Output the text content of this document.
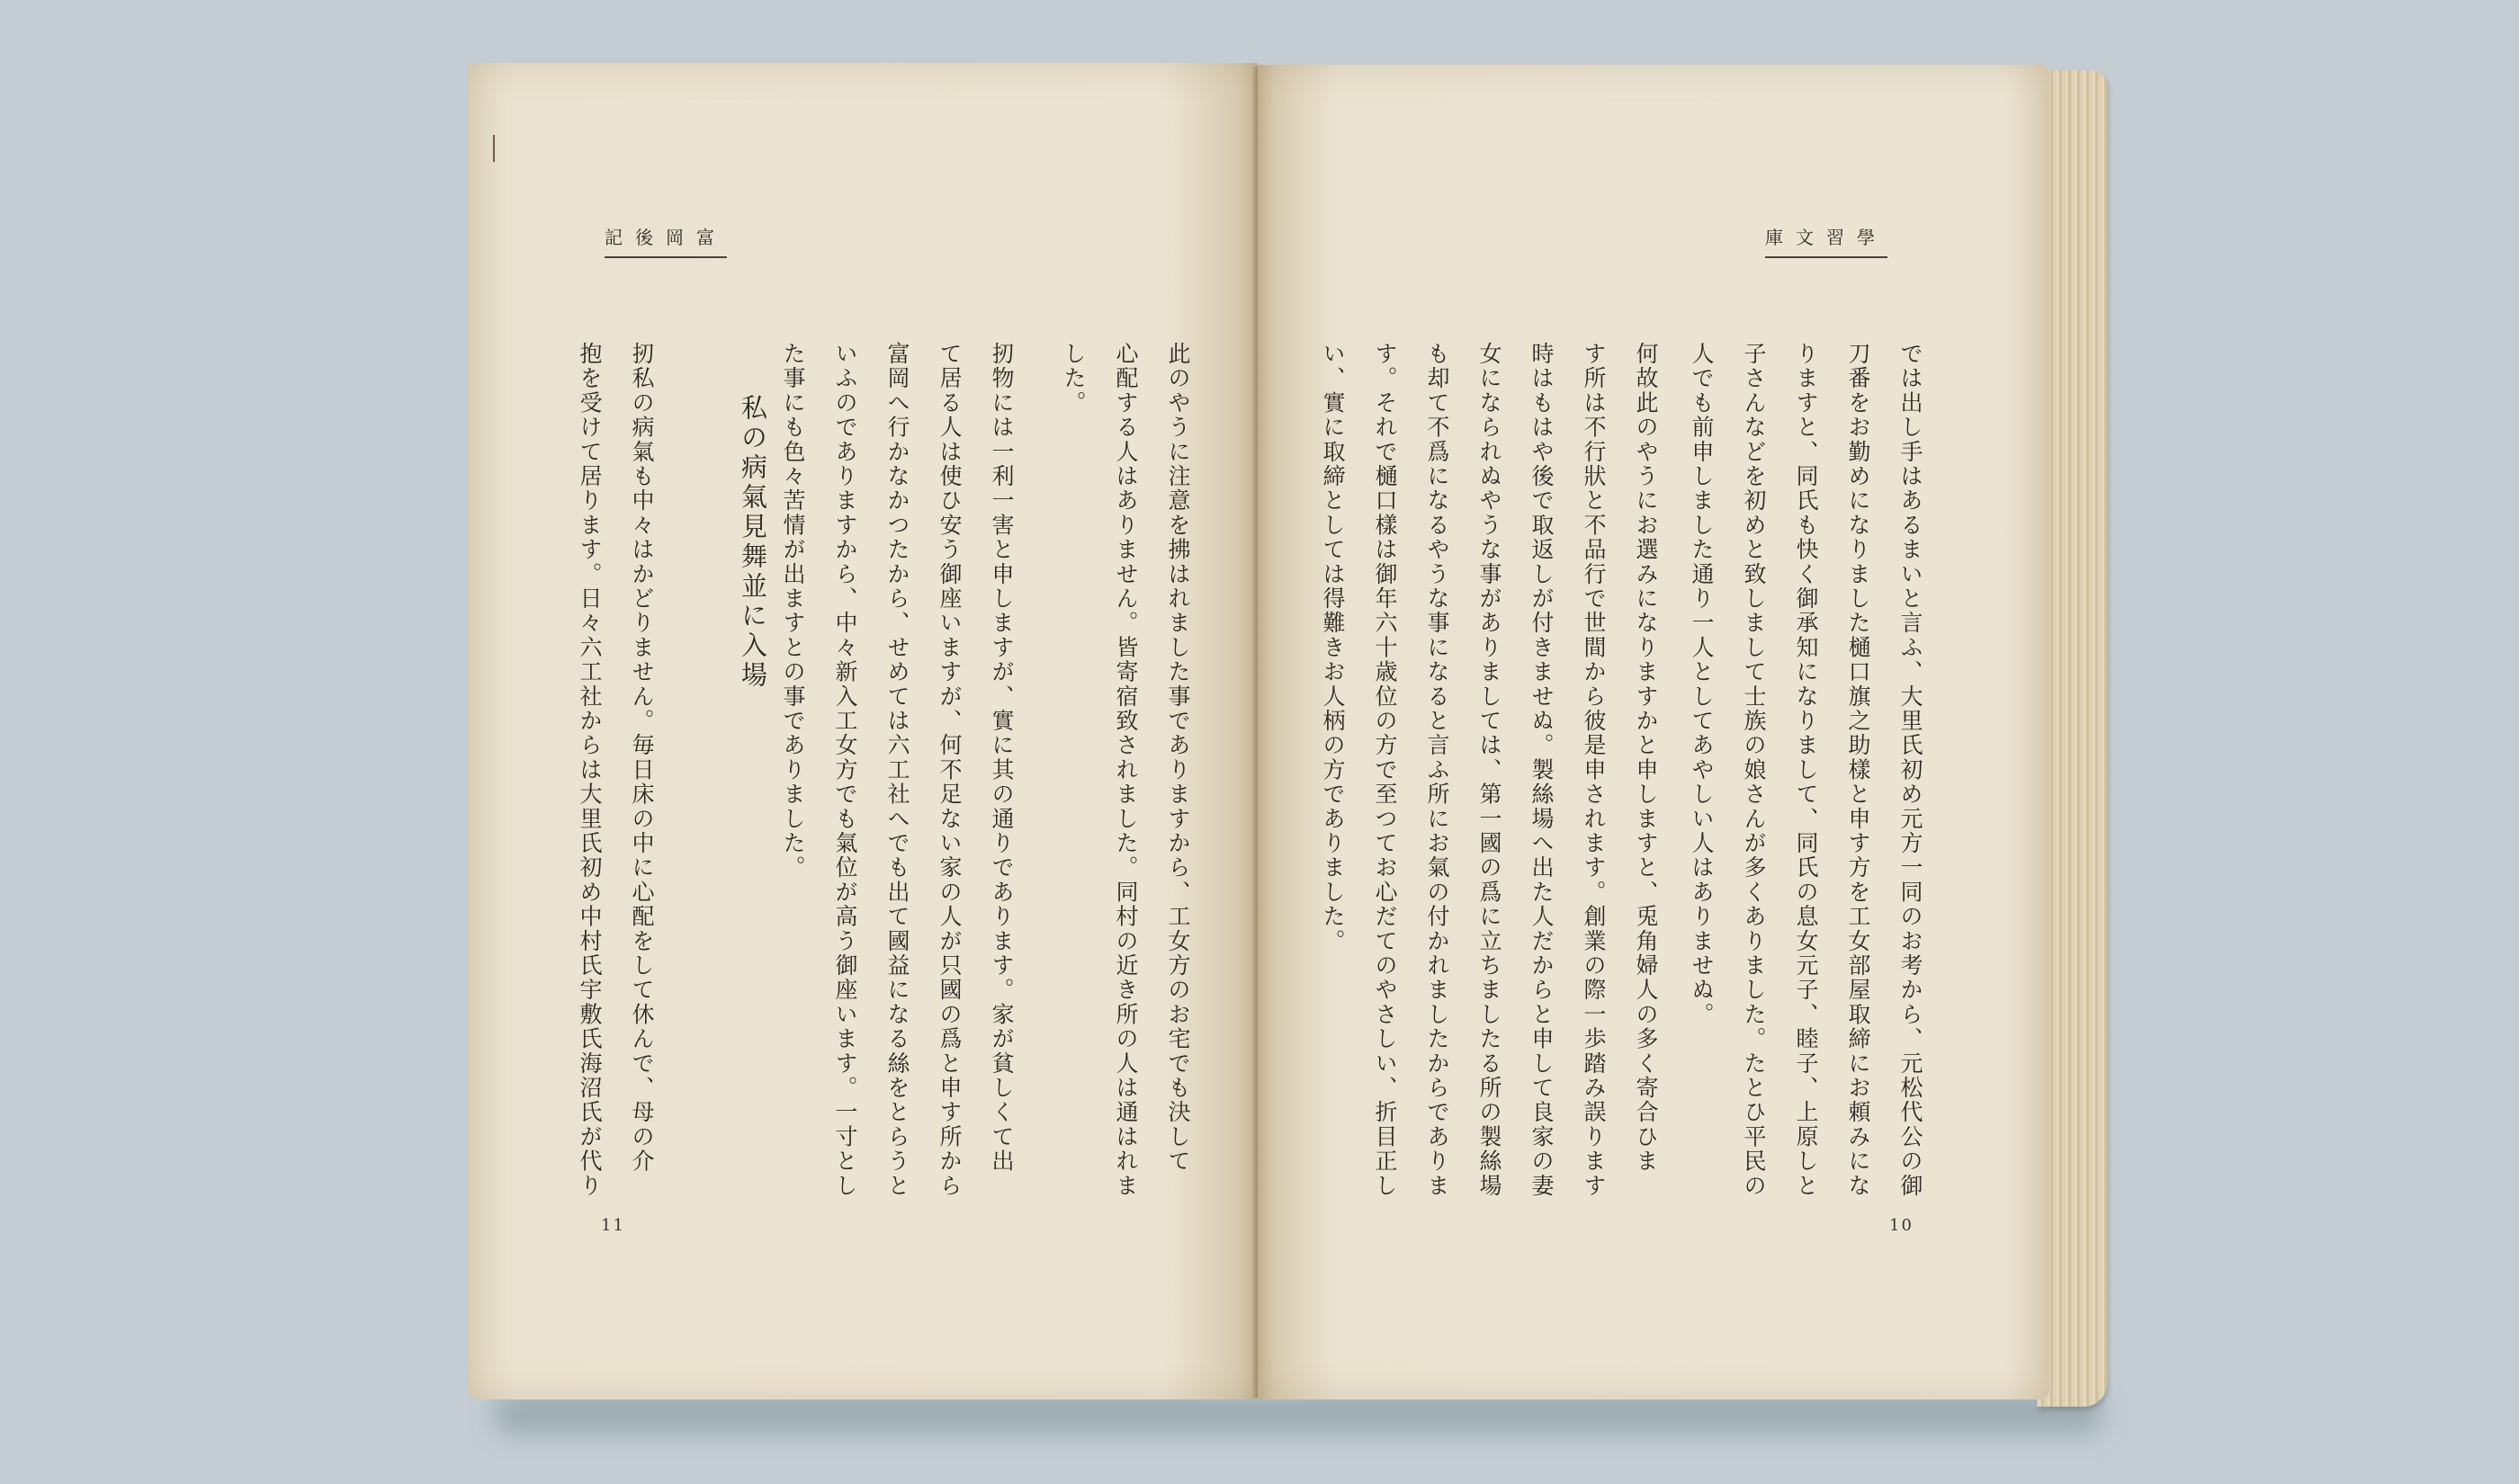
記後岡富
11
此のやうに注意を拂はれました事でありますから、工女方のお宅でも決して
心配する人はありません。皆寄宿致されました。同村の近き所の人は通はれま
した。
扨物には一利一害と申しますが、實に其の通りであります。家が貧しくて出
て居る人は使ひ安う御座いますが、何不足ない家の人が只國の爲と申す所から
富岡へ行かなかつたから、せめては六工社へでも出て國益になる絲をとらうと
いふのでありますから、中々新入工女方でも氣位が高う御座います。一寸とし
た事にも色々苦情が出ますとの事でありました。
私の病氣見舞並に入場
扨私の病氣も中々はかどりません。毎日床の中に心配をして休んで、母の介
抱を受けて居ります。日々六工社からは大里氏初め中村氏宇敷氏海沼氏が代り
庫文習學
10
では出し手はあるまいと言ふ、大里氏初め元方一同のお考から、元松代公の御
刀番をお勤めになりました樋口旗之助樣と申す方を工女部屋取締にお頼みにな
りますと、同氏も快く御承知になりまして、同氏の息女元子、睦子、上原しと
子さんなどを初めと致しまして士族の娘さんが多くありました。たとひ平民の
人でも前申しました通り一人としてあやしい人はありませぬ。
何故此のやうにお選みになりますかと申しますと、兎角婦人の多く寄合ひま
す所は不行狀と不品行で世間から彼是申されます。創業の際一歩踏み誤ります
時はもはや後で取返しが付きませぬ。製絲場へ出た人だからと申して良家の妻
女になられぬやうな事がありましては、第一國の爲に立ちましたる所の製絲場
も却て不爲になるやうな事になると言ふ所にお氣の付かれましたからでありま
す。それで樋口樣は御年六十歳位の方で至つてお心だてのやさしい、折目正し
い、實に取締としては得難きお人柄の方でありました。
